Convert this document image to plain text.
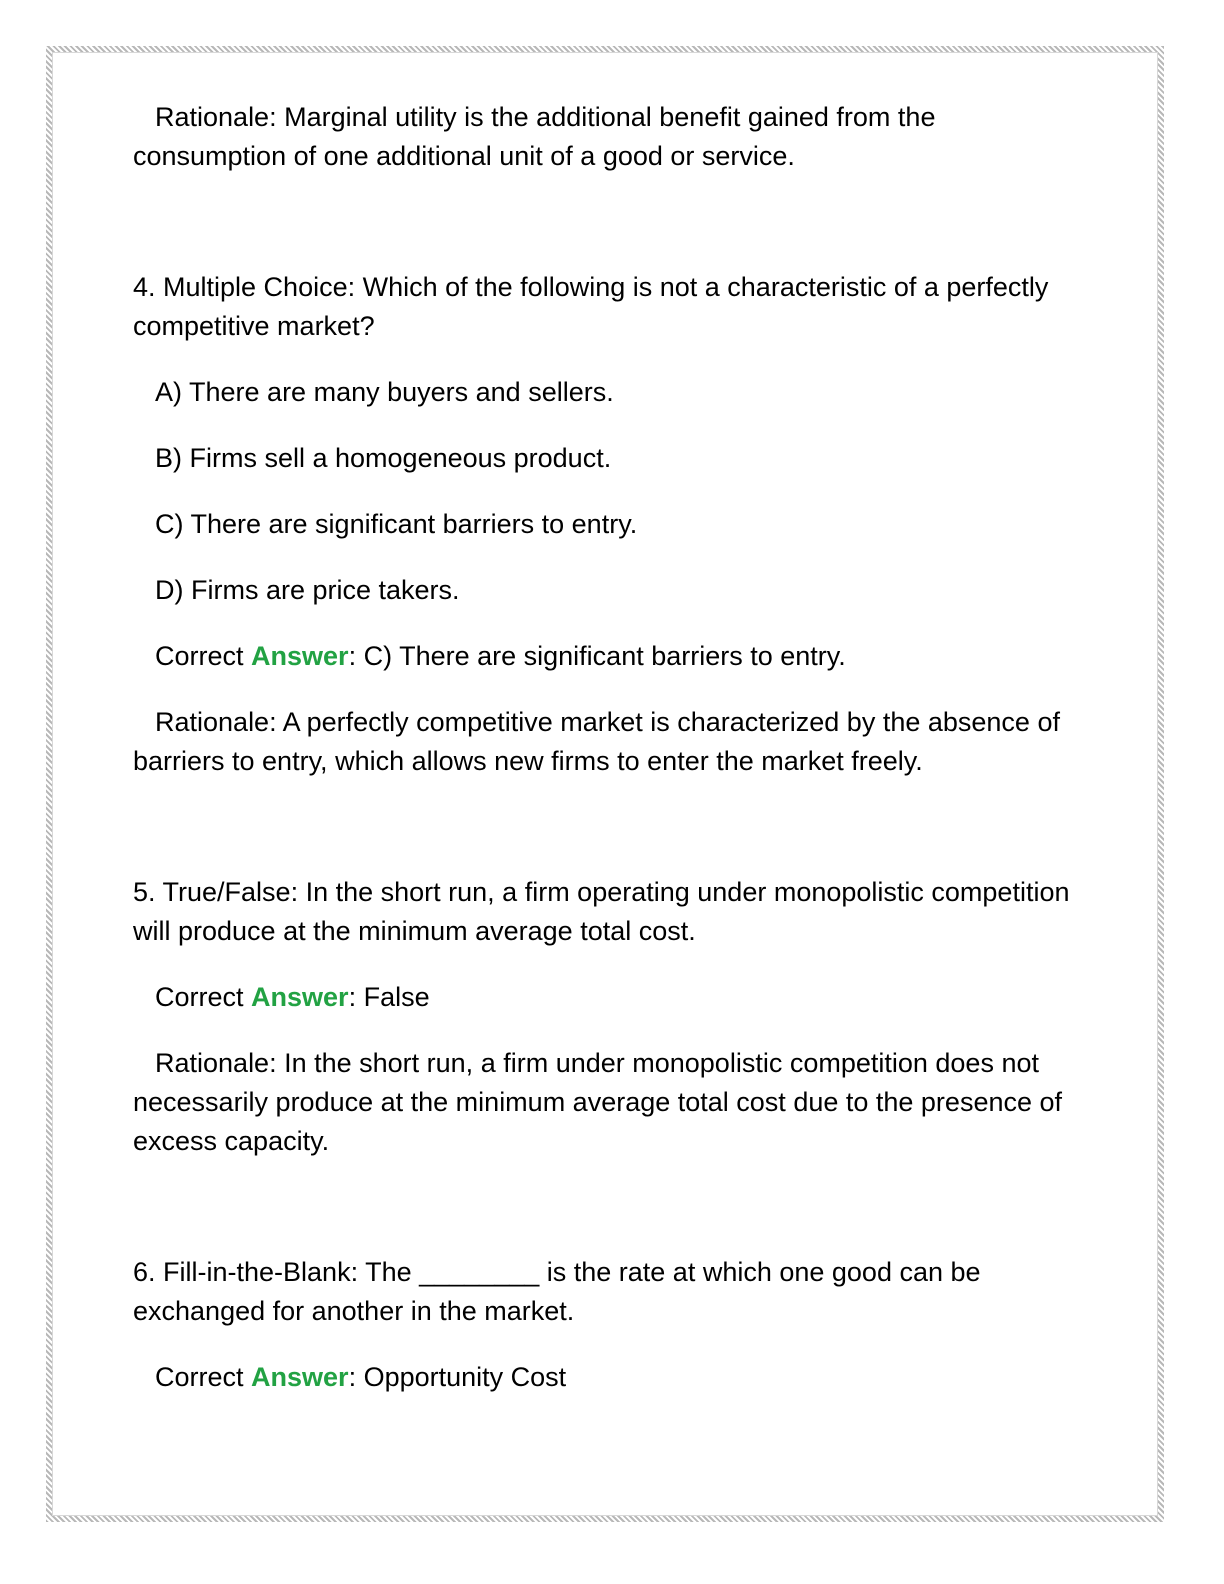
Rationale: Marginal utility is the additional benefit gained from the consumption of one additional unit of a good or service.

4. Multiple Choice: Which of the following is not a characteristic of a perfectly competitive market?

A) There are many buyers and sellers.

B) Firms sell a homogeneous product.

C) There are significant barriers to entry.

D) Firms are price takers.

Correct Answer: C) There are significant barriers to entry.

Rationale: A perfectly competitive market is characterized by the absence of barriers to entry, which allows new firms to enter the market freely.

5. True/False: In the short run, a firm operating under monopolistic competition will produce at the minimum average total cost.

Correct Answer: False

Rationale: In the short run, a firm under monopolistic competition does not necessarily produce at the minimum average total cost due to the presence of excess capacity.

6. Fill-in-the-Blank: The ________ is the rate at which one good can be exchanged for another in the market.

Correct Answer: Opportunity Cost
